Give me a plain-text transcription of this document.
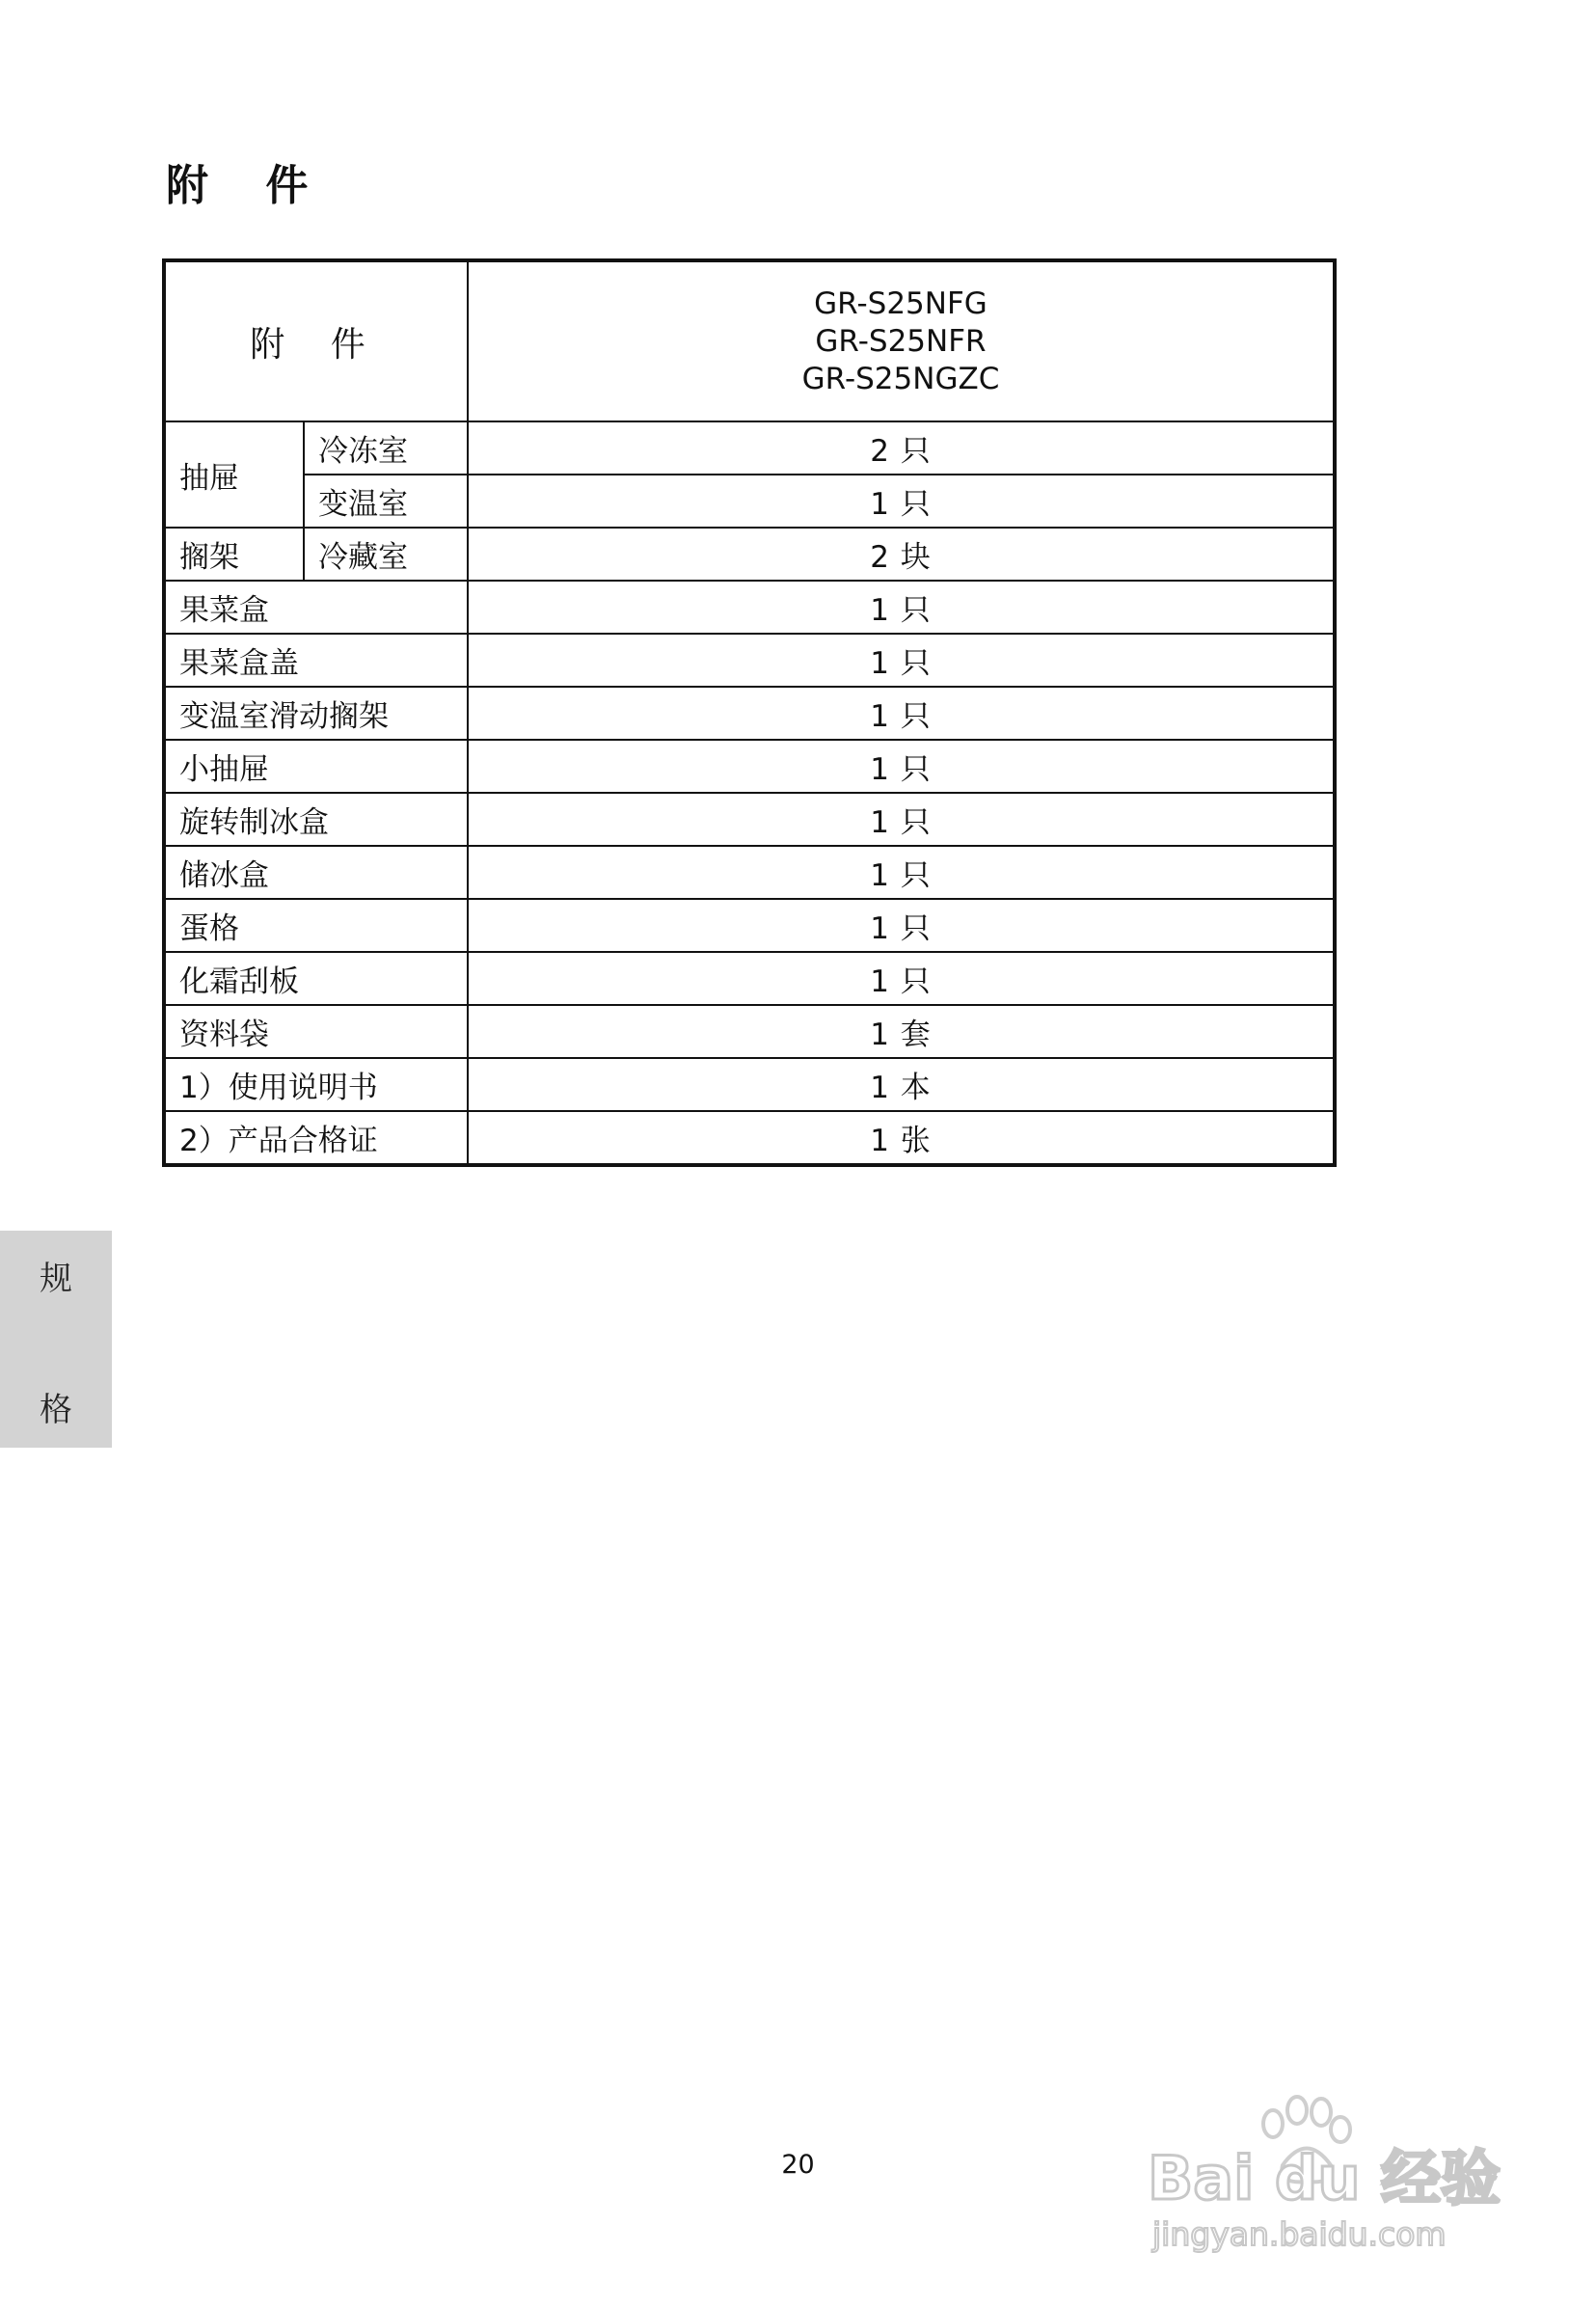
附 件
附 件		GR-S25NFG
GR-S25NFR
GR-S25NGZC

抽屉	冷冻室	2 只
	变温室	1 只
搁架	冷藏室	2 块
果菜盒		1 只
果菜盒盖		1 只
变温室滑动搁架		1 只
小抽屉		1 只
旋转制冰盒		1 只
储冰盒		1 只
蛋格		1 只
化霜刮板		1 只
资料袋		1 套
1）使用说明书		1 本
2）产品合格证		1 张
规
格
20	Bai du 经验
jingyan.baidu.com
